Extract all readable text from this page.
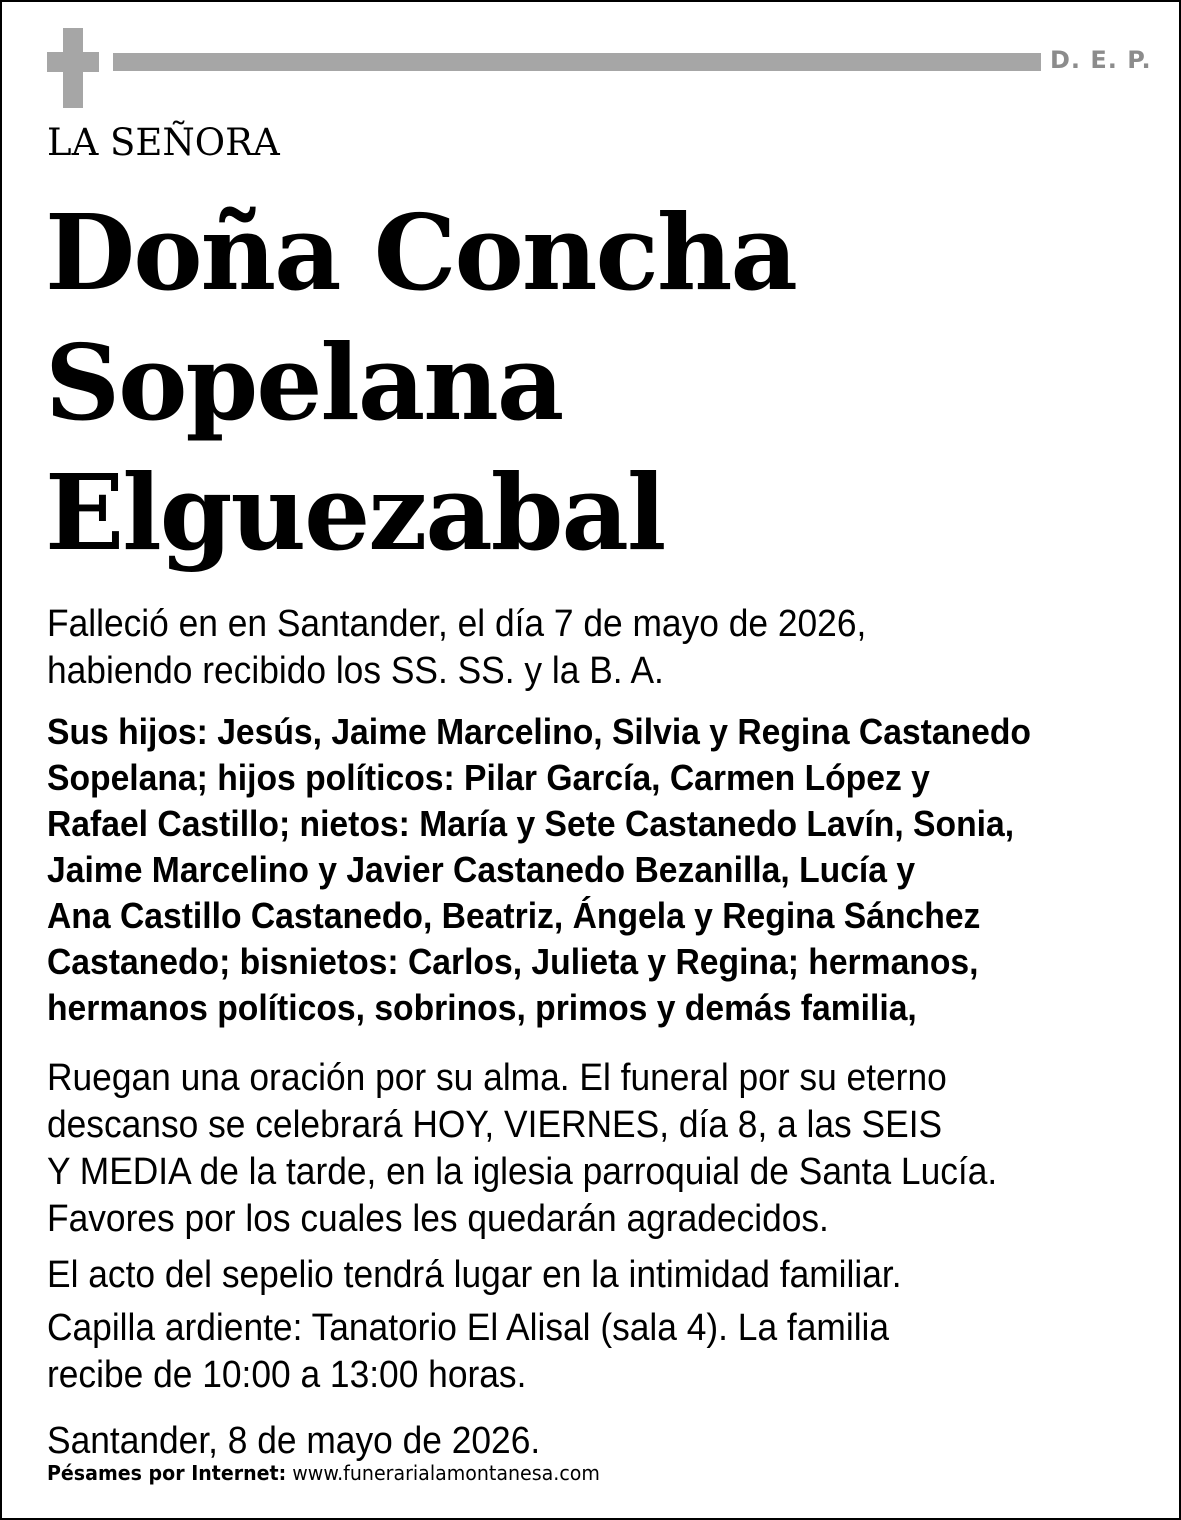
D. E. P.
LA SEÑORA
Doña Concha
Sopelana
Elguezabal
Falleció en en Santander, el día 7 de mayo de 2026,
habiendo recibido los SS. SS. y la B. A.
Sus hijos: Jesús, Jaime Marcelino, Silvia y Regina Castanedo
Sopelana; hijos políticos: Pilar García, Carmen López y
Rafael Castillo; nietos: María y Sete Castanedo Lavín, Sonia,
Jaime Marcelino y Javier Castanedo Bezanilla, Lucía y
Ana Castillo Castanedo, Beatriz, Ángela y Regina Sánchez
Castanedo; bisnietos: Carlos, Julieta y Regina; hermanos,
hermanos políticos, sobrinos, primos y demás familia,
Ruegan una oración por su alma. El funeral por su eterno
descanso se celebrará HOY, VIERNES, día 8, a las SEIS
Y MEDIA de la tarde, en la iglesia parroquial de Santa Lucía.
Favores por los cuales les quedarán agradecidos.
El acto del sepelio tendrá lugar en la intimidad familiar.
Capilla ardiente: Tanatorio El Alisal (sala 4). La familia
recibe de 10:00 a 13:00 horas.
Santander, 8 de mayo de 2026.
Pésames por Internet: www.funerarialamontanesa.com
